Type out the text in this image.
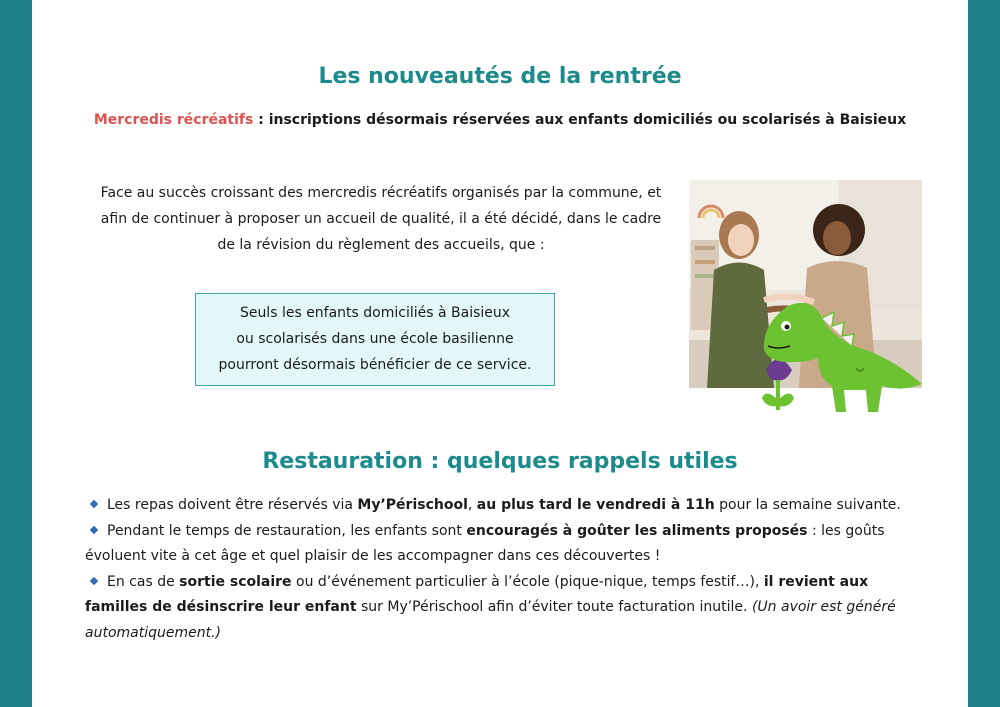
Les nouveautés de la rentrée
Mercredis récréatifs : inscriptions désormais réservées aux enfants domiciliés ou scolarisés à Baisieux
Face au succès croissant des mercredis récréatifs organisés par la commune, et
afin de continuer à proposer un accueil de qualité, il a été décidé, dans le cadre
de la révision du règlement des accueils, que :
Seuls les enfants domiciliés à Baisieux
ou scolarisés dans une école basilienne
pourront désormais bénéficier de ce service.
Restauration : quelques rappels utiles

Les repas doivent être réservés via My’Périschool, au plus tard le vendredi à 11h pour la semaine suivante.

Pendant le temps de restauration, les enfants sont encouragés à goûter les aliments proposés : les goûts évoluent vite à cet âge et quel plaisir de les accompagner dans ces découvertes !

En cas de sortie scolaire ou d’événement particulier à l’école (pique-nique, temps festif…), il revient aux familles de désinscrire leur enfant sur My’Périschool afin d’éviter toute facturation inutile. (Un avoir est généré automatiquement.)
